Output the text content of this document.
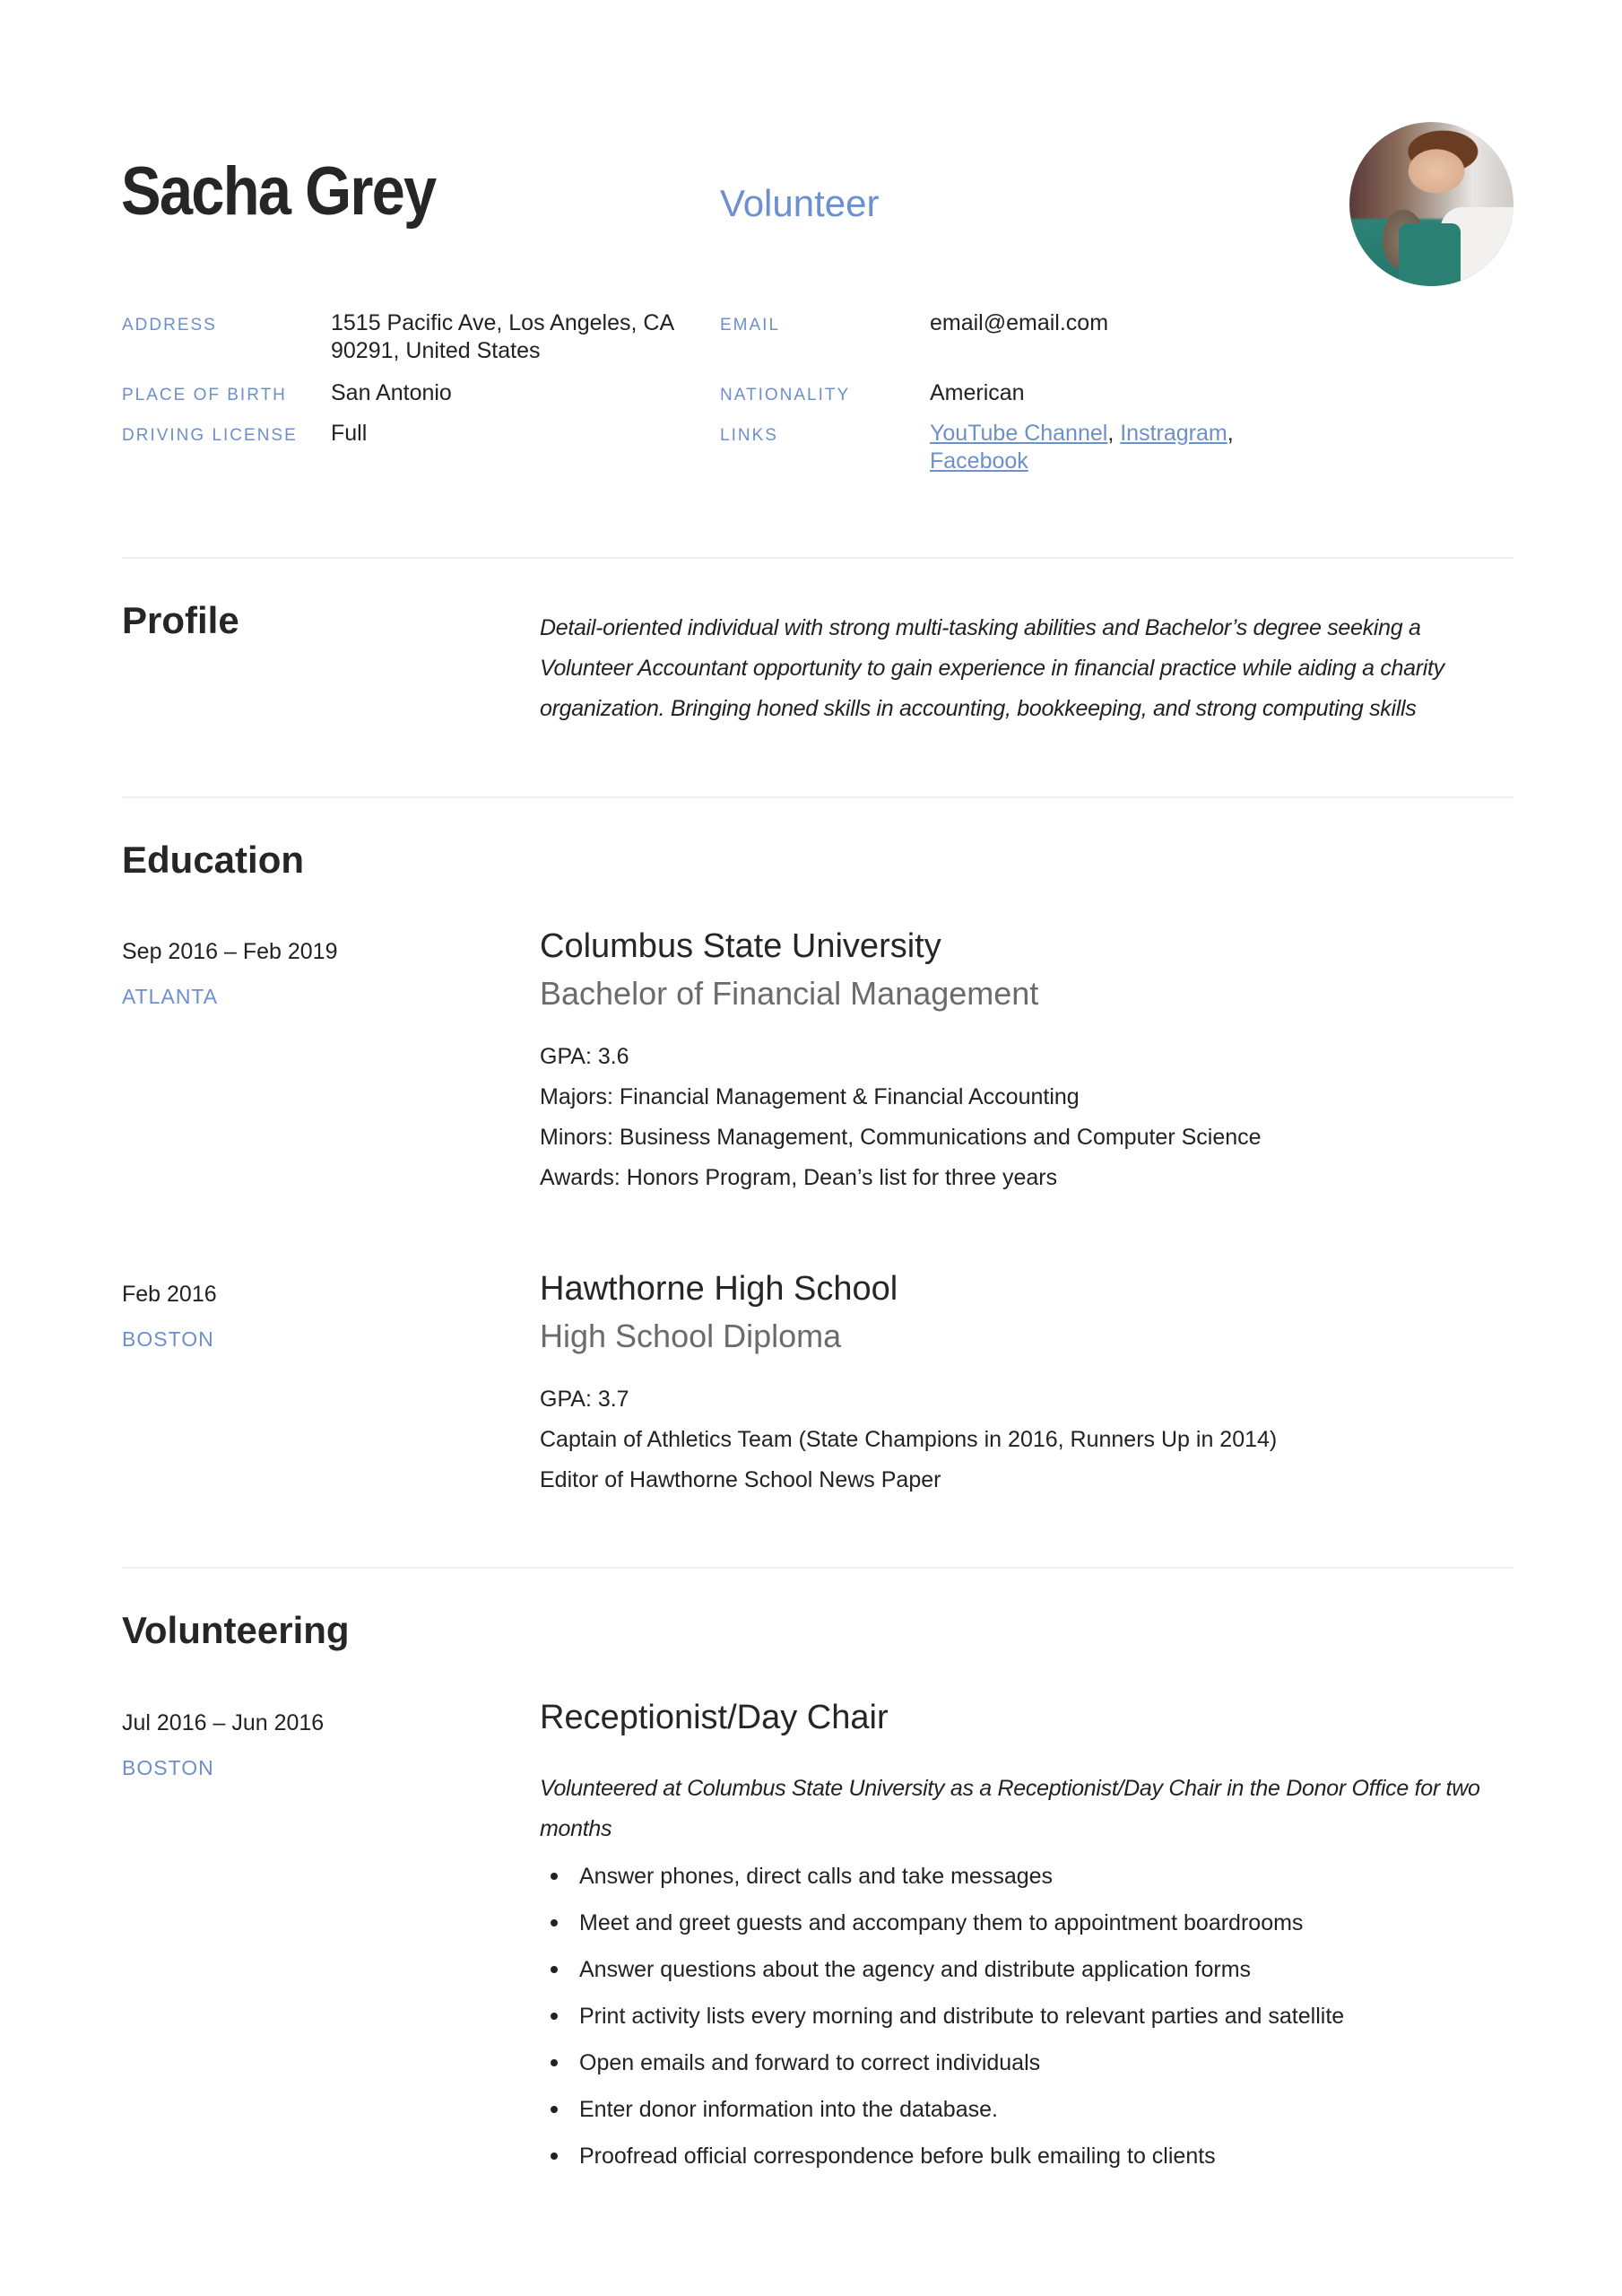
Sacha Grey	Volunteer
ADDRESS	1515 Pacific Ave, Los Angeles, CA
90291, United States
PLACE OF BIRTH San Antonio
DRIVING LICENSE Full
EMAIL	email@email.com
NATIONALITY	American
LINKS	YouTube Channel, Instragram,
Facebook
Profile	Detail-oriented individual with strong multi-tasking abilities and Bachelor’s degree seeking a Volunteer Accountant opportunity to gain experience in financial practice while aiding a charity organization. Bringing honed skills in accounting, bookkeeping, and strong computing skills
Education
Sep 2016 – Feb 2019
ATLANTA
Columbus State University
Bachelor of Financial Management
GPA: 3.6
Majors: Financial Management & Financial Accounting
Minors: Business Management, Communications and Computer Science
Awards: Honors Program, Dean’s list for three years
Feb 2016
BOSTON
Hawthorne High School
High School Diploma
GPA: 3.7
Captain of Athletics Team (State Champions in 2016, Runners Up in 2014)
Editor of Hawthorne School News Paper
Volunteering
Jul 2016 – Jun 2016
BOSTON
Receptionist/Day Chair
Volunteered at Columbus State University as a Receptionist/Day Chair in the Donor Office for two months
Answer phones, direct calls and take messages
Meet and greet guests and accompany them to appointment boardrooms
Answer questions about the agency and distribute application forms
Print activity lists every morning and distribute to relevant parties and satellite
Open emails and forward to correct individuals
Enter donor information into the database.
Proofread official correspondence before bulk emailing to clients
